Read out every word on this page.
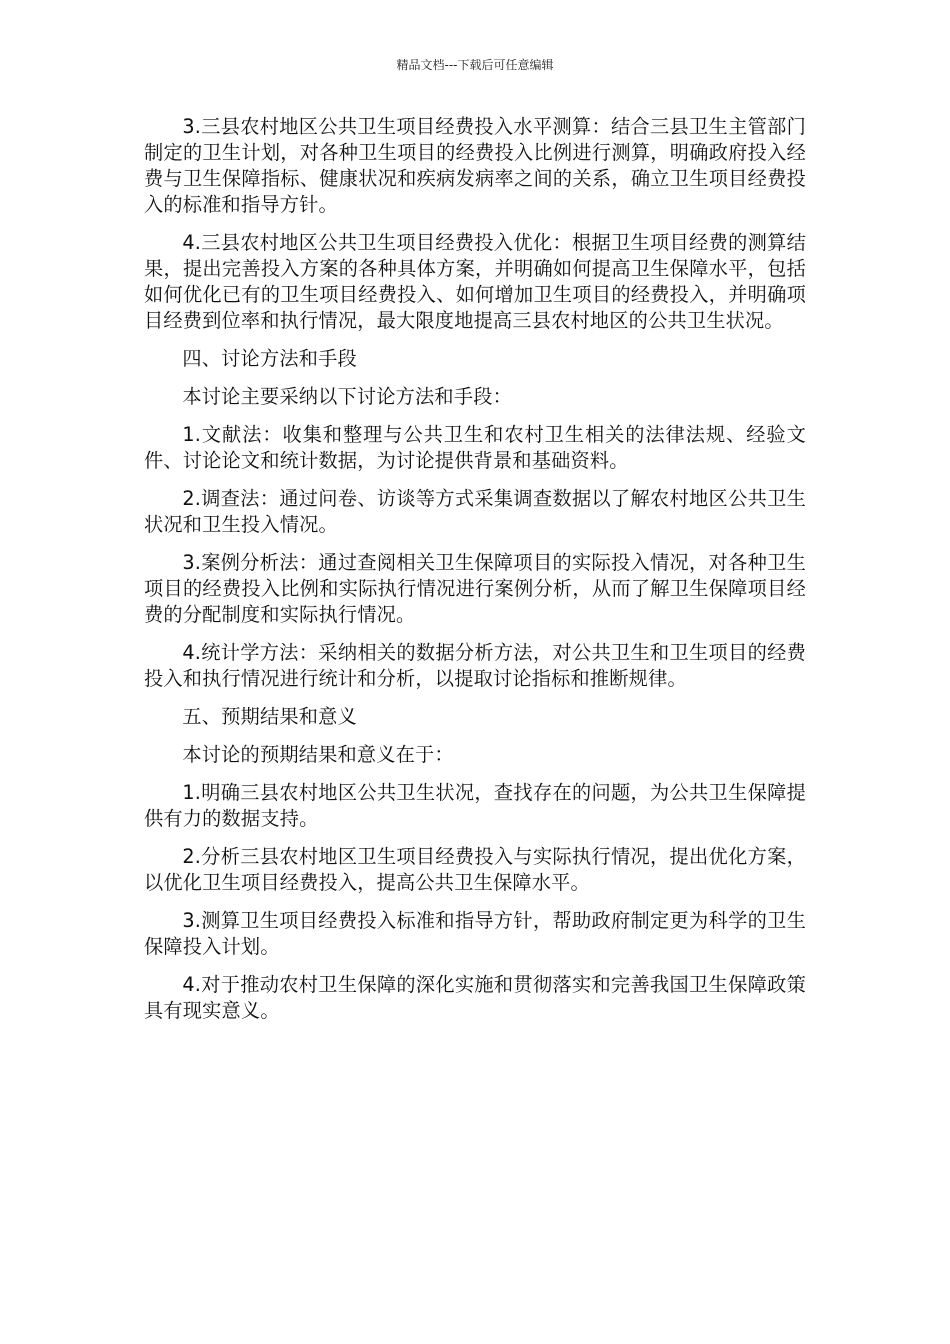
精品文档---下载后可任意编辑

3.三县农村地区公共卫生项目经费投入水平测算：结合三县卫生主管部门制定的卫生计划，对各种卫生项目的经费投入比例进行测算，明确政府投入经费与卫生保障指标、健康状况和疾病发病率之间的关系，确立卫生项目经费投入的标准和指导方针。

4.三县农村地区公共卫生项目经费投入优化：根据卫生项目经费的测算结果，提出完善投入方案的各种具体方案，并明确如何提高卫生保障水平，包括如何优化已有的卫生项目经费投入、如何增加卫生项目的经费投入，并明确项目经费到位率和执行情况，最大限度地提高三县农村地区的公共卫生状况。

四、讨论方法和手段

本讨论主要采纳以下讨论方法和手段：

1.文献法：收集和整理与公共卫生和农村卫生相关的法律法规、经验文件、讨论论文和统计数据，为讨论提供背景和基础资料。

2.调查法：通过问卷、访谈等方式采集调查数据以了解农村地区公共卫生状况和卫生投入情况。

3.案例分析法：通过查阅相关卫生保障项目的实际投入情况，对各种卫生项目的经费投入比例和实际执行情况进行案例分析，从而了解卫生保障项目经费的分配制度和实际执行情况。

4.统计学方法：采纳相关的数据分析方法，对公共卫生和卫生项目的经费投入和执行情况进行统计和分析，以提取讨论指标和推断规律。

五、预期结果和意义

本讨论的预期结果和意义在于：

1.明确三县农村地区公共卫生状况，查找存在的问题，为公共卫生保障提供有力的数据支持。

2.分析三县农村地区卫生项目经费投入与实际执行情况，提出优化方案，以优化卫生项目经费投入，提高公共卫生保障水平。

3.测算卫生项目经费投入标准和指导方针，帮助政府制定更为科学的卫生保障投入计划。

4.对于推动农村卫生保障的深化实施和贯彻落实和完善我国卫生保障政策具有现实意义。
